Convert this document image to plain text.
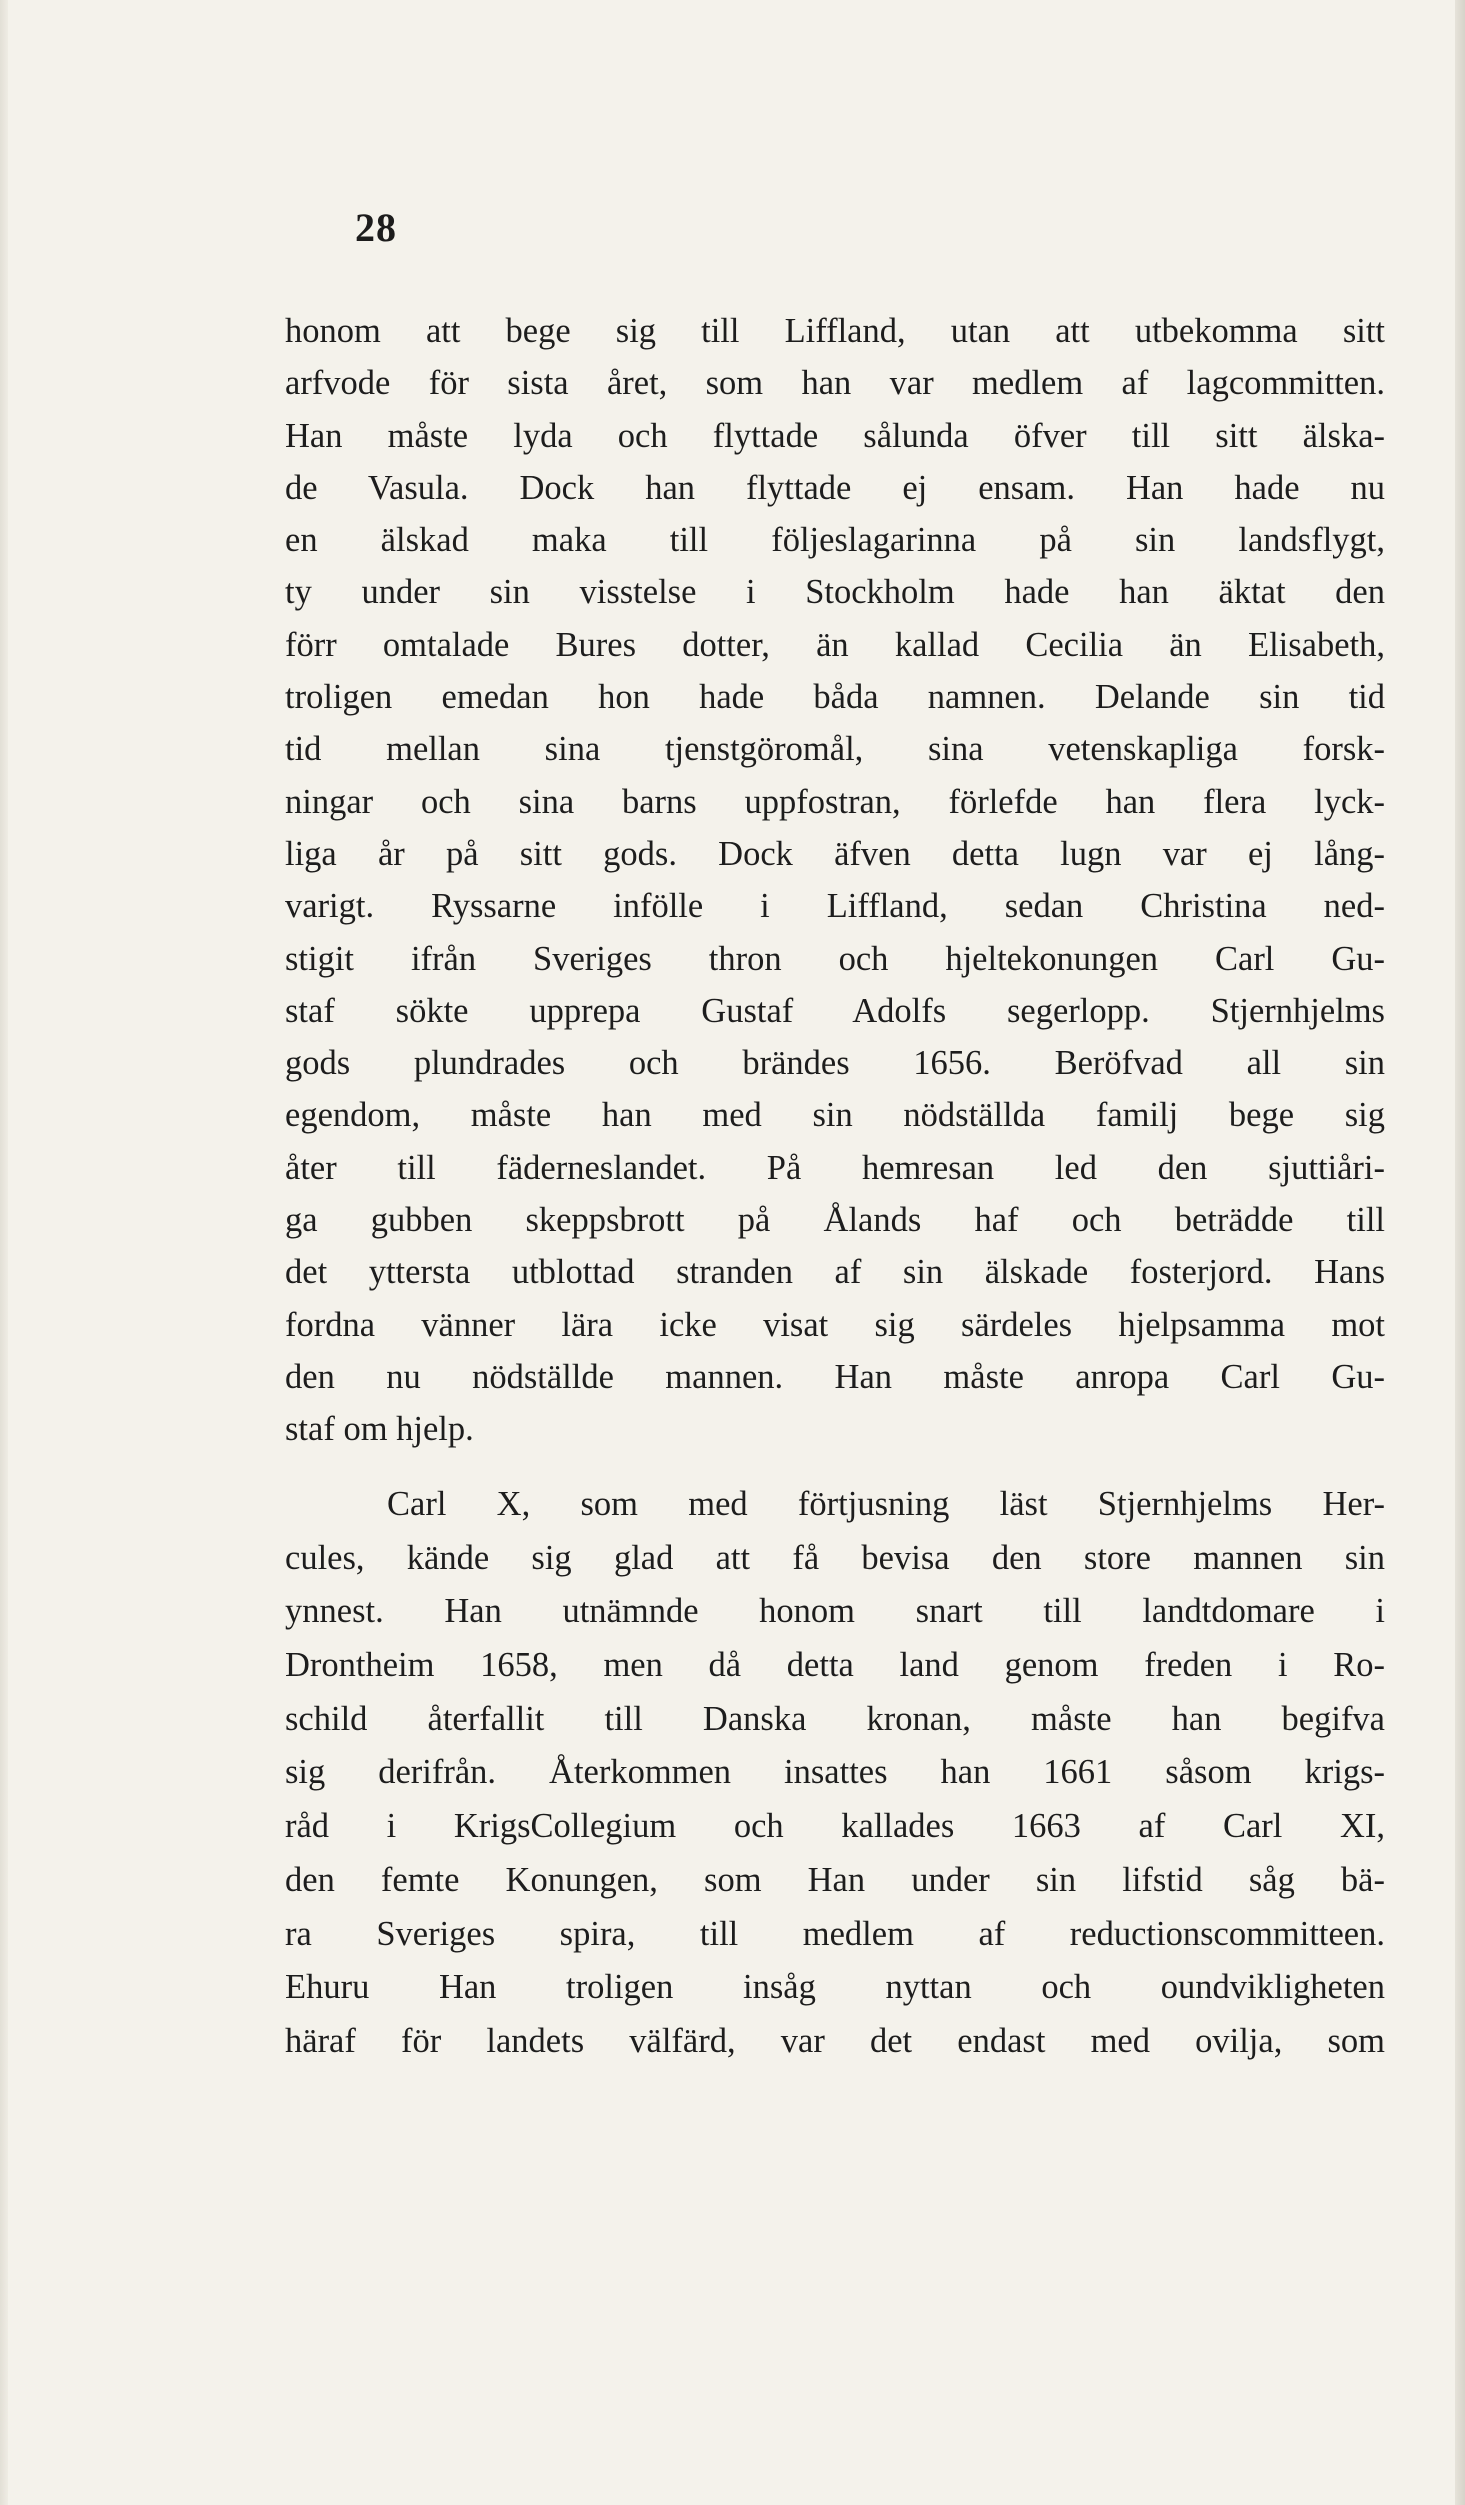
28
honom att bege sig till Liffland, utan att utbekomma sitt
arfvode för sista året, som han var medlem af lagcommitten.
Han måste lyda och flyttade sålunda öfver till sitt älska-
de Vasula. Dock han flyttade ej ensam. Han hade nu
en älskad maka till följeslagarinna på sin landsflygt,
ty under sin visstelse i Stockholm hade han äktat den
förr omtalade Bures dotter, än kallad Cecilia än Elisabeth,
troligen emedan hon hade båda namnen. Delande sin tid
tid mellan sina tjenstgöromål, sina vetenskapliga forsk-
ningar och sina barns uppfostran, förlefde han flera lyck-
liga år på sitt gods. Dock äfven detta lugn var ej lång-
varigt. Ryssarne infölle i Liffland, sedan Christina ned-
stigit ifrån Sveriges thron och hjeltekonungen Carl Gu-
staf sökte upprepa Gustaf Adolfs segerlopp. Stjernhjelms
gods plundrades och brändes 1656. Beröfvad all sin
egendom, måste han med sin nödställda familj bege sig
åter till fäderneslandet. På hemresan led den sjuttiåri-
ga gubben skeppsbrott på Ålands haf och beträdde till
det yttersta utblottad stranden af sin älskade fosterjord. Hans
fordna vänner lära icke visat sig särdeles hjelpsamma mot
den nu nödställde mannen. Han måste anropa Carl Gu-
staf om hjelp.
Carl X, som med förtjusning läst Stjernhjelms Her-
cules, kände sig glad att få bevisa den store mannen sin
ynnest. Han utnämnde honom snart till landtdomare i
Drontheim 1658, men då detta land genom freden i Ro-
schild återfallit till Danska kronan, måste han begifva
sig derifrån. Återkommen insattes han 1661 såsom krigs-
råd i KrigsCollegium och kallades 1663 af Carl XI,
den femte Konungen, som Han under sin lifstid såg bä-
ra Sveriges spira, till medlem af reductionscommitteen.
Ehuru Han troligen insåg nyttan och oundvikligheten
häraf för landets välfärd, var det endast med ovilja, som
